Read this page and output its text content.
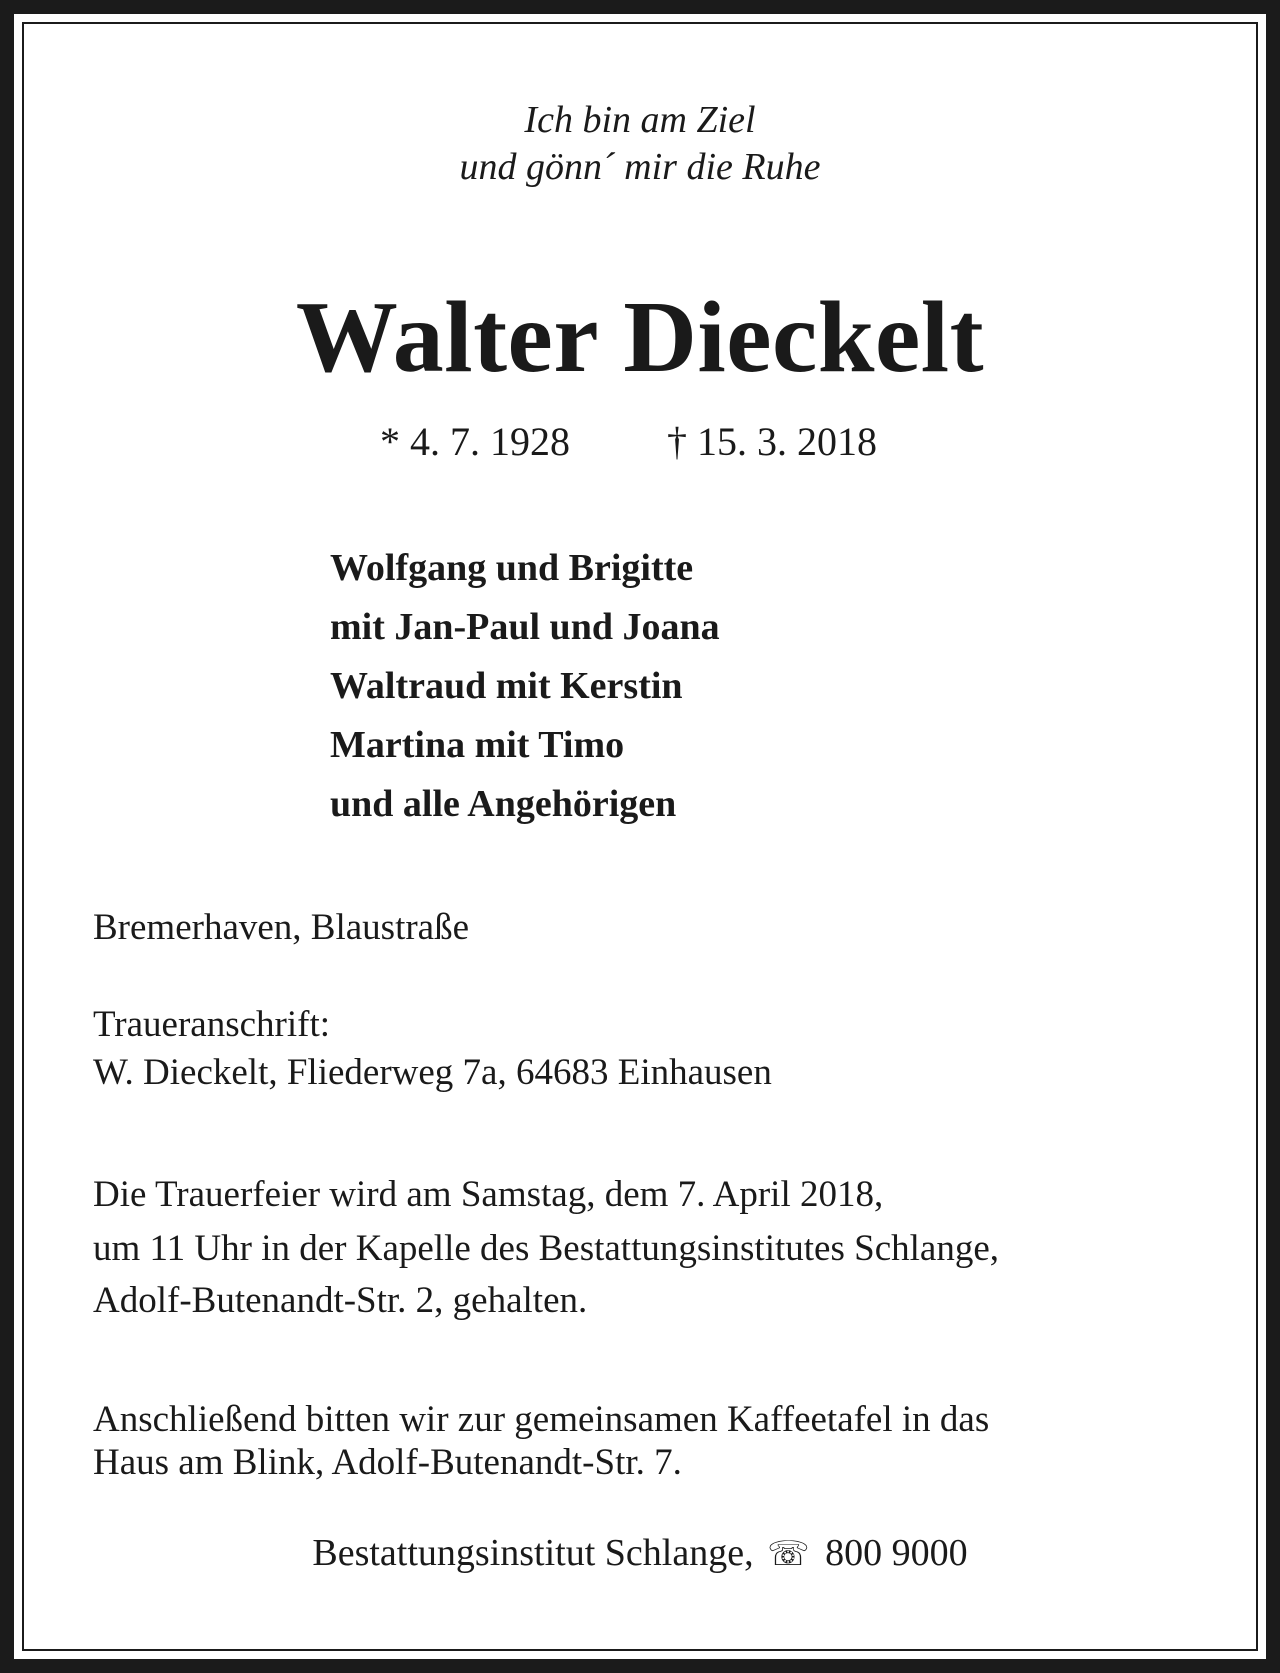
Ich bin am Ziel
und gönn´ mir die Ruhe
Walter Dieckelt
* 4. 7. 1928 † 15. 3. 2018
Wolfgang und Brigitte
mit Jan-Paul und Joana
Waltraud mit Kerstin
Martina mit Timo
und alle Angehörigen
Bremerhaven, Blaustraße
Traueranschrift:
W. Dieckelt, Fliederweg 7a, 64683 Einhausen
Die Trauerfeier wird am Samstag, dem 7. April 2018,
um 11 Uhr in der Kapelle des Bestattungsinstitutes Schlange,
Adolf-Butenandt-Str. 2, gehalten.
Anschließend bitten wir zur gemeinsamen Kaffeetafel in das
Haus am Blink, Adolf-Butenandt-Str. 7.
Bestattungsinstitut Schlange, ☏ 800 9000
